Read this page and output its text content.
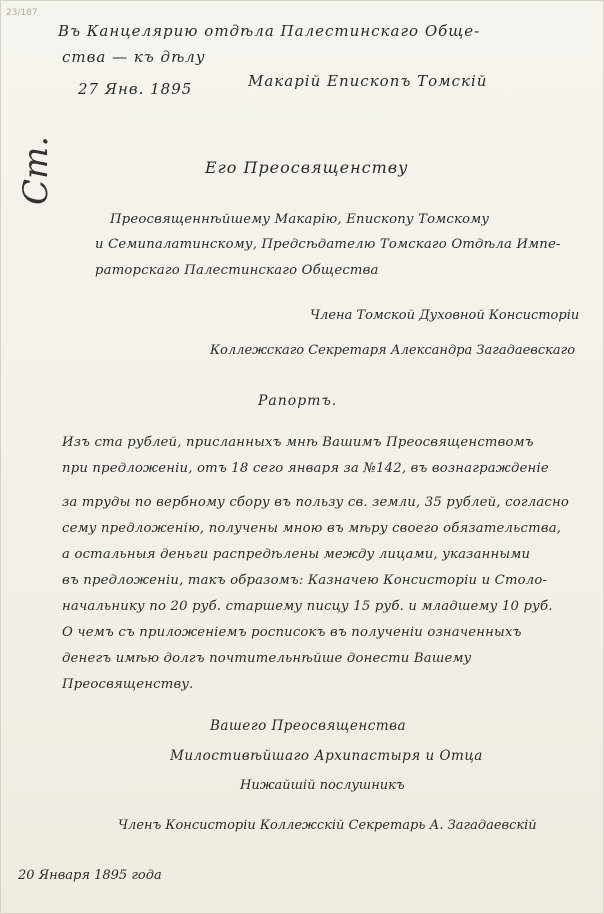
23/187
Въ Канцелярию отдѣла Палестинскаго Обще-
ства — къ дѣлу
27 Янв. 1895	Макарій Епископъ Томскій
Ст.	Его Преосвященству
Преосвященнѣйшему Макарію, Епископу Томскому
и Семипалатинскому, Предсѣдателю Томскаго Отдѣла Импе-
раторскаго Палестинскаго Общества
Члена Томской Духовной Консисторіи
Коллежскаго Секретаря Александра Загадаевскаго
Рапортъ.
Изъ ста рублей, присланныхъ мнѣ Вашимъ Преосвященствомъ
при предложеніи, отъ 18 сего января за №142, въ вознагражденіе
за труды по вербному сбору въ пользу св. земли, 35 рублей, согласно
сему предложенію, получены мною въ мѣру своего обязательства,
а остальныя деньги распредѣлены между лицами, указанными
въ предложеніи, такъ образомъ: Казначею Консисторіи и Столо-
начальнику по 20 руб. старшему писцу 15 руб. и младшему 10 руб.
О чемъ съ приложеніемъ росписокъ въ полученіи означенныхъ
денегъ имѣю долгъ почтительнѣйше донести Вашему
Преосвященству.
Вашего Преосвященства
Милостивѣйшаго Архипастыря и Отца
Нижайшій послушникъ
Членъ Консисторіи Коллежскій Секретарь А. Загадаевскій
20 Января 1895 года
